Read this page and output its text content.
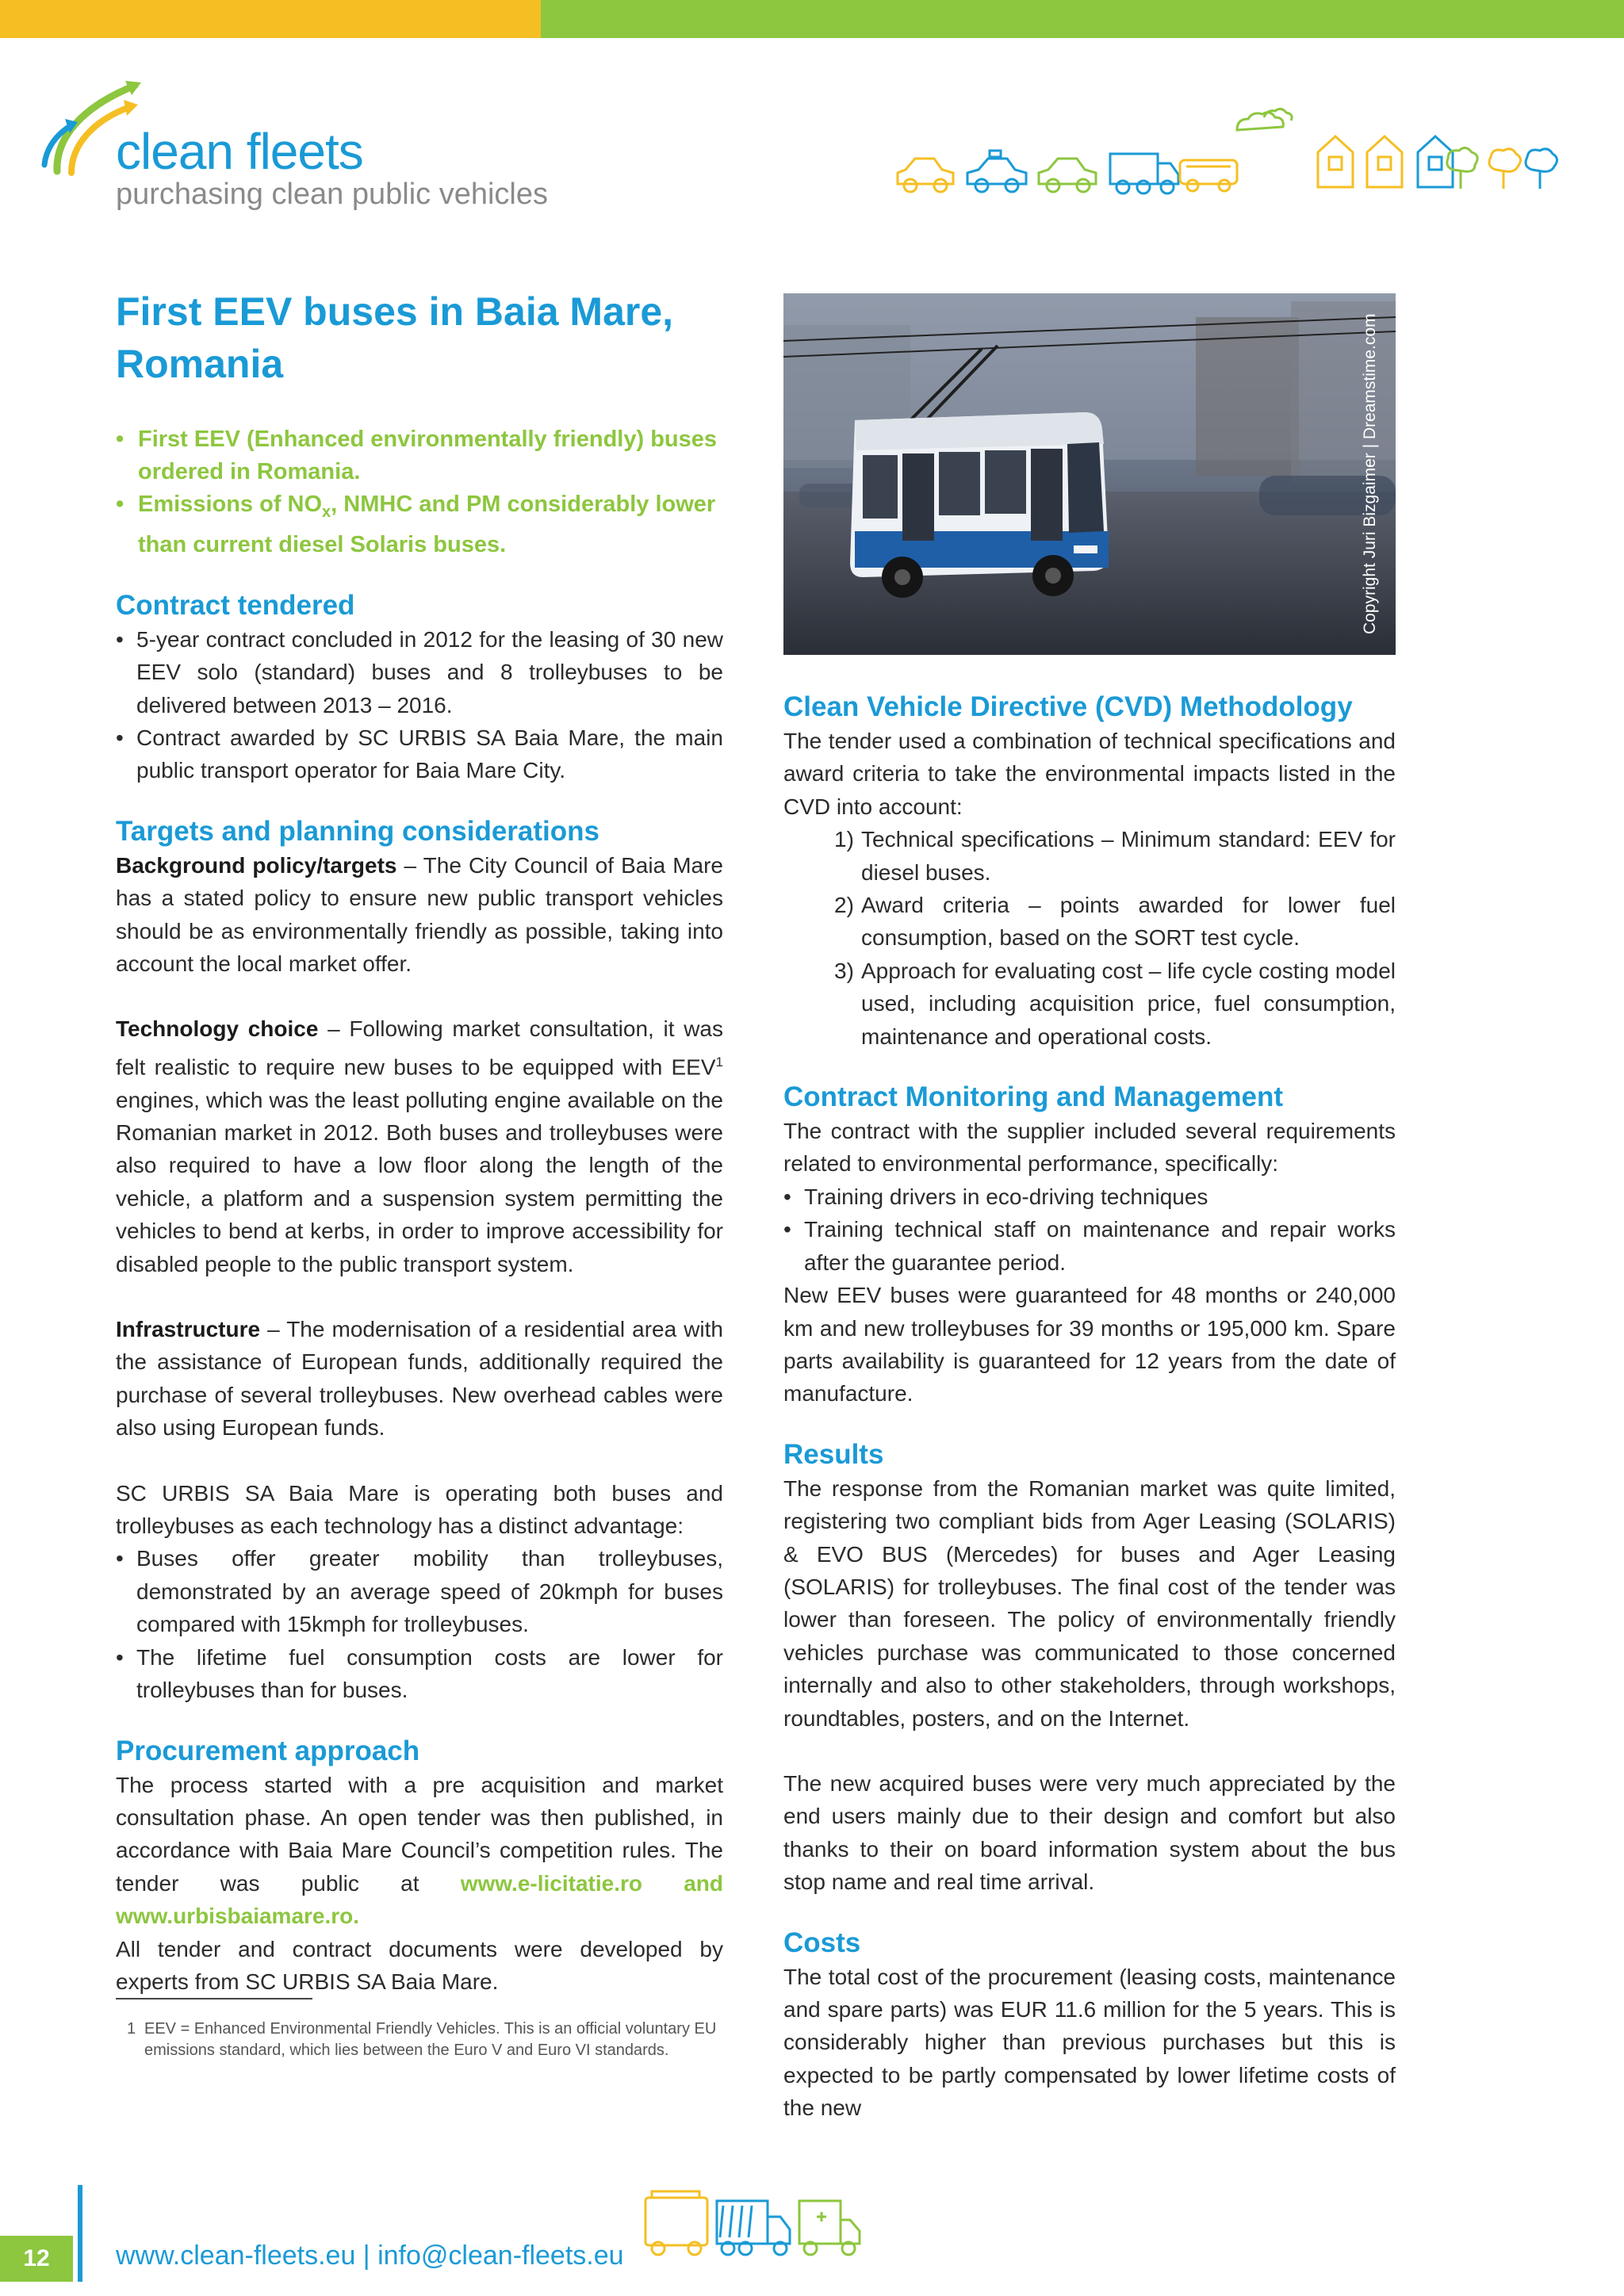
clean fleets
purchasing clean public vehicles
First EEV buses in Baia Mare, Romania
• First EEV (Enhanced environmentally friendly) buses ordered in Romania.
• Emissions of $NO_x$, NMHC and PM considerably lower than current diesel Solaris buses.
Contract tendered
• 5-year contract concluded in 2012 for the leasing of 30 new EEV solo (standard) buses and 8 trolleybuses to be delivered between 2013 – 2016.
• Contract awarded by SC URBIS SA Baia Mare, the main public transport operator for Baia Mare City.
Targets and planning considerations

Background policy/targets – The City Council of Baia Mare has a stated policy to ensure new public transport vehicles should be as environmentally friendly as possible, taking into account the local market offer.

Technology choice – Following market consultation, it was felt realistic to require new buses to be equipped with EEV$^1$ engines, which was the least polluting engine available on the Romanian market in 2012. Both buses and trolleybuses were also required to have a low floor along the length of the vehicle, a platform and a suspension system permitting the vehicles to bend at kerbs, in order to improve accessibility for disabled people to the public transport system.

Infrastructure – The modernisation of a residential area with the assistance of European funds, additionally required the purchase of several trolleybuses. New overhead cables were also using European funds.

SC URBIS SA Baia Mare is operating both buses and trolleybuses as each technology has a distinct advantage:

• Buses offer greater mobility than trolleybuses, demonstrated by an average speed of 20kmph for buses compared with 15kmph for trolleybuses.
• The lifetime fuel consumption costs are lower for trolleybuses than for buses.
Procurement approach

The process started with a pre acquisition and market consultation phase. An open tender was then published, in accordance with Baia Mare Council’s competition rules. The tender was public at www.e-licitatie.ro and www.urbisbaiamare.ro.

All tender and contract documents were developed by experts from SC URBIS SA Baia Mare.

1 EEV = Enhanced Environmental Friendly Vehicles. This is an official voluntary EU emissions standard, which lies between the Euro V and Euro VI standards.
Copyright Juri Bizgaimer | Dreamstime.com
Clean Vehicle Directive (CVD) Methodology

The tender used a combination of technical specifications and award criteria to take the environmental impacts listed in the CVD into account:

1) Technical specifications – Minimum standard: EEV for diesel buses.
2) Award criteria – points awarded for lower fuel consumption, based on the SORT test cycle.
3) Approach for evaluating cost – life cycle costing model used, including acquisition price, fuel consumption, maintenance and operational costs.
Contract Monitoring and Management

The contract with the supplier included several requirements related to environmental performance, specifically:

• Training drivers in eco-driving techniques
• Training technical staff on maintenance and repair works after the guarantee period.

New EEV buses were guaranteed for 48 months or 240,000 km and new trolleybuses for 39 months or 195,000 km. Spare parts availability is guaranteed for 12 years from the date of manufacture.

Results

The response from the Romanian market was quite limited, registering two compliant bids from Ager Leasing (SOLARIS) & EVO BUS (Mercedes) for buses and Ager Leasing (SOLARIS) for trolleybuses. The final cost of the tender was lower than foreseen. The policy of environmentally friendly vehicles purchase was communicated to those concerned internally and also to other stakeholders, through workshops, roundtables, posters, and on the Internet.

The new acquired buses were very much appreciated by the end users mainly due to their design and comfort but also thanks to their on board information system about the bus stop name and real time arrival.

Costs

The total cost of the procurement (leasing costs, maintenance and spare parts) was EUR 11.6 million for the 5 years. This is considerably higher than previous purchases but this is expected to be partly compensated by lower lifetime costs of the new

12	www.clean-fleets.eu | info@clean-fleets.eu
